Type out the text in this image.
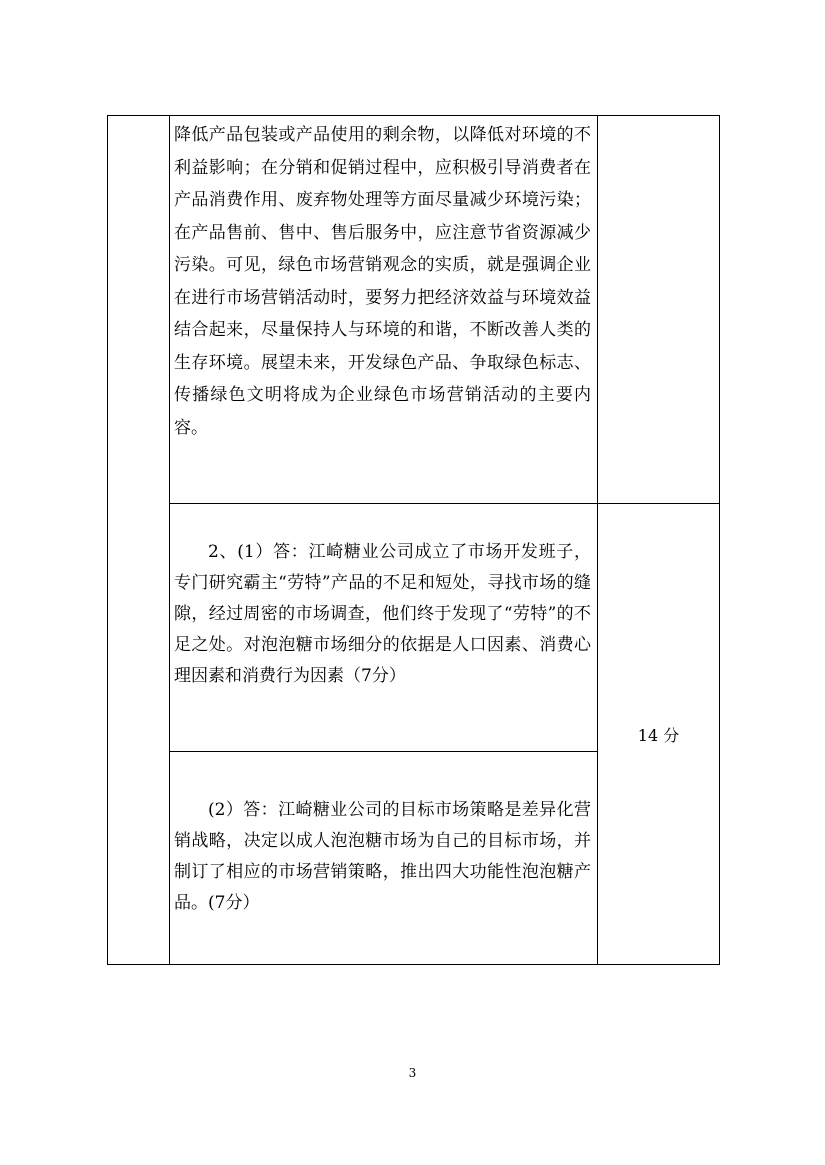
	降低产品包装或产品使用的剩余物，以降低对环境的不利益影响；在分销和促销过程中，应积极引导消费者在产品消费作用、废弃物处理等方面尽量减少环境污染；在产品售前、售中、售后服务中，应注意节省资源减少污染。可见，绿色市场营销观念的实质，就是强调企业在进行市场营销活动时，要努力把经济效益与环境效益结合起来，尽量保持人与环境的和谐，不断改善人类的生存环境。展望未来，开发绿色产品、争取绿色标志、传播绿色文明将成为企业绿色市场营销活动的主要内容。	

	2、(1）答：江崎糖业公司成立了市场开发班子，专门研究霸主“劳特”产品的不足和短处，寻找市场的缝隙，经过周密的市场调查，他们终于发现了“劳特”的不足之处。对泡泡糖市场细分的依据是人口因素、消费心理因素和消费行为因素（7分）	14 分

	(2）答：江崎糖业公司的目标市场策略是差异化营销战略，决定以成人泡泡糖市场为自己的目标市场，并制订了相应的市场营销策略，推出四大功能性泡泡糖产品。(7分）	
3
